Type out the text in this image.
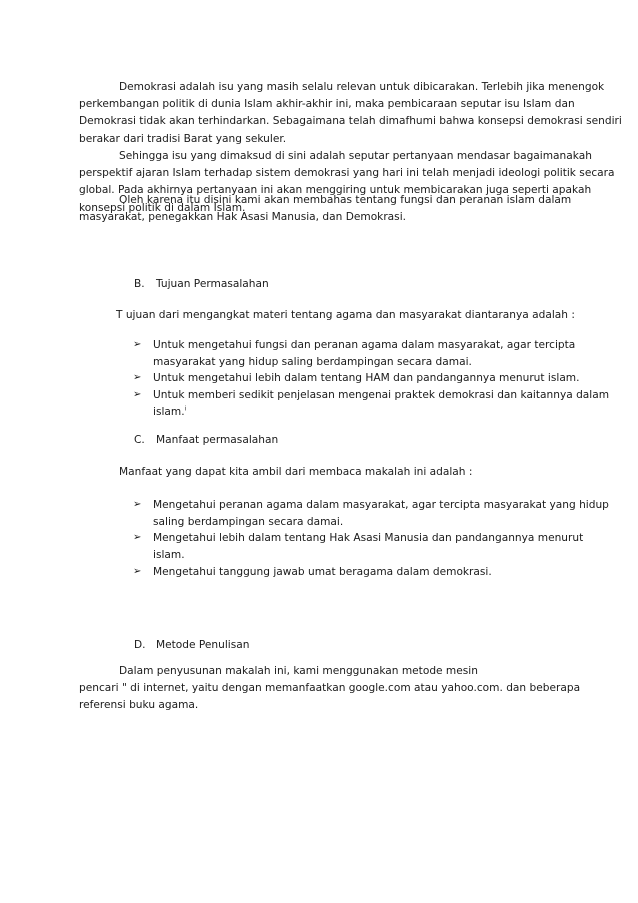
Demokrasi adalah isu yang masih selalu relevan untuk dibicarakan. Terlebih jika menengok
perkembangan politik di dunia Islam akhir-akhir ini, maka pembicaraan seputar isu Islam dan
Demokrasi tidak akan terhindarkan. Sebagaimana telah dimafhumi bahwa konsepsi demokrasi sendiri
berakar dari tradisi Barat yang sekuler.

Sehingga isu yang dimaksud di sini adalah seputar pertanyaan mendasar bagaimanakah
perspektif ajaran Islam terhadap sistem demokrasi yang hari ini telah menjadi ideologi politik secara
global. Pada akhirnya pertanyaan ini akan menggiring untuk membicarakan juga seperti apakah
konsepsi politik di dalam Islam.

Oleh karena itu disini kami akan membahas tentang fungsi dan peranan islam dalam
masyarakat, penegakkan Hak Asasi Manusia, dan Demokrasi.

B. Tujuan Permasalahan

T ujuan dari mengangkat materi tentang agama dan masyarakat diantaranya adalah :

➢ Untuk mengetahui fungsi dan peranan agama dalam masyarakat, agar tercipta
masyarakat yang hidup saling berdampingan secara damai.
➢ Untuk mengetahui lebih dalam tentang HAM dan pandangannya menurut islam.
➢ Untuk memberi sedikit penjelasan mengenai praktek demokrasi dan kaitannya dalam
islam.$^i$

C. Manfaat permasalahan

Manfaat yang dapat kita ambil dari membaca makalah ini adalah :

➢ Mengetahui peranan agama dalam masyarakat, agar tercipta masyarakat yang hidup
saling berdampingan secara damai.
➢ Mengetahui lebih dalam tentang Hak Asasi Manusia dan pandangannya menurut
islam.
➢ Mengetahui tanggung jawab umat beragama dalam demokrasi.

D. Metode Penulisan

Dalam penyusunan makalah ini, kami menggunakan metode mesin
pencari " di internet, yaitu dengan memanfaatkan google.com atau yahoo.com. dan beberapa
referensi buku agama.
